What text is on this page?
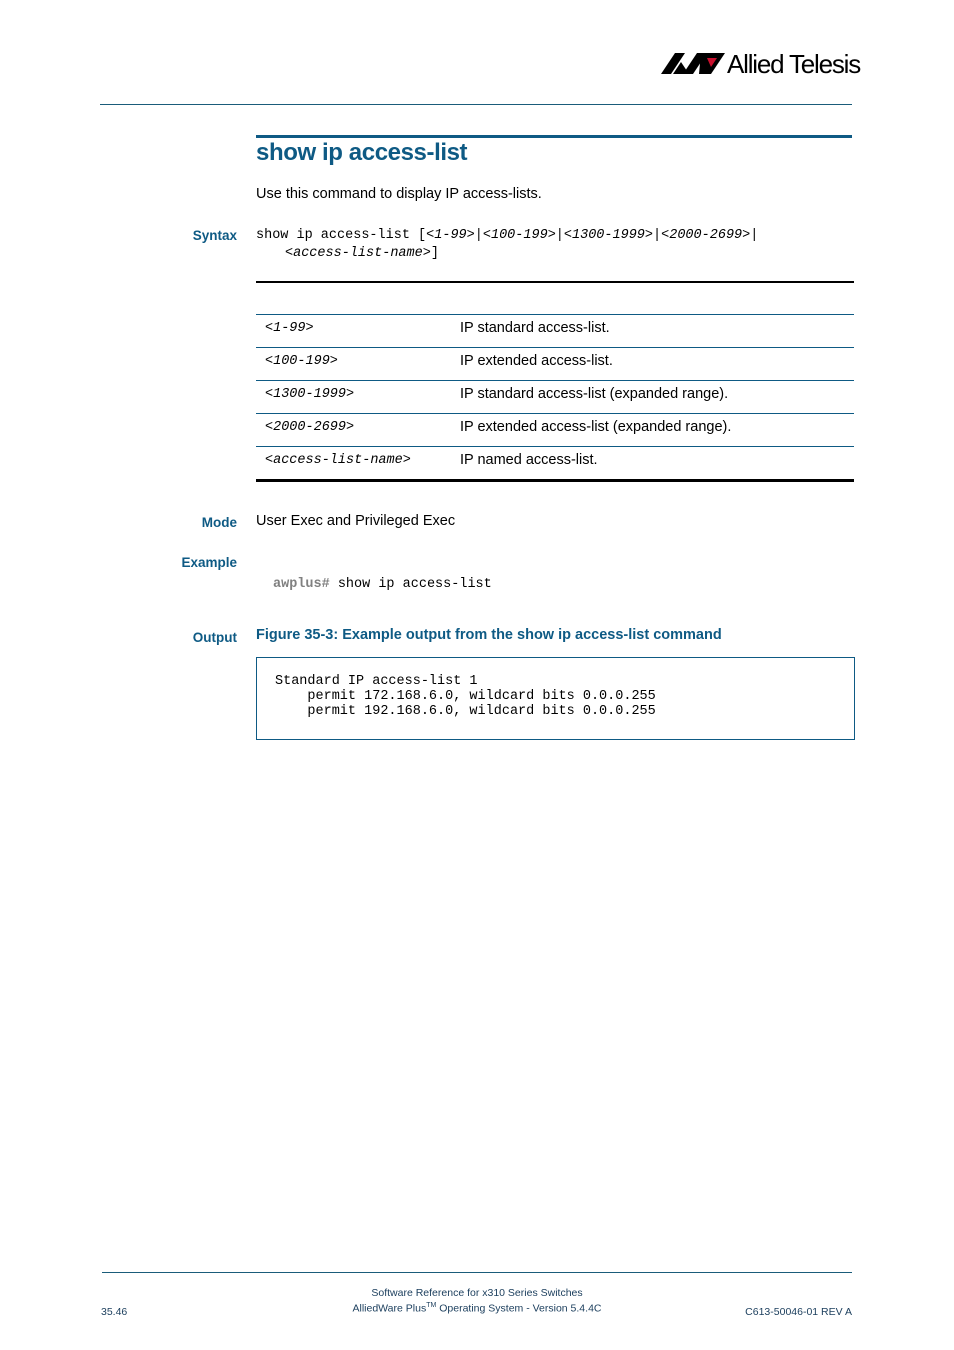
Allied Telesis
show ip access-list
Use this command to display IP access-lists.
Syntax show ip access-list [<1-99>|<100-199>|<1300-1999>|<2000-2699>|
<access-list-name>]
<1-99>	IP standard access-list.
<100-199>	IP extended access-list.
<1300-1999>	IP standard access-list (expanded range).
<2000-2699>	IP extended access-list (expanded range).
<access-list-name>	IP named access-list.
Mode User Exec and Privileged Exec
Example
awplus# show ip access-list
Output Figure 35-3: Example output from the show ip access-list command
Standard IP access-list 1
permit 172.168.6.0, wildcard bits 0.0.0.255
permit 192.168.6.0, wildcard bits 0.0.0.255
Software Reference for x310 Series Switches
35.46	AlliedWare Plus™ Operating System - Version 5.4.4C	C613-50046-01 REV A
